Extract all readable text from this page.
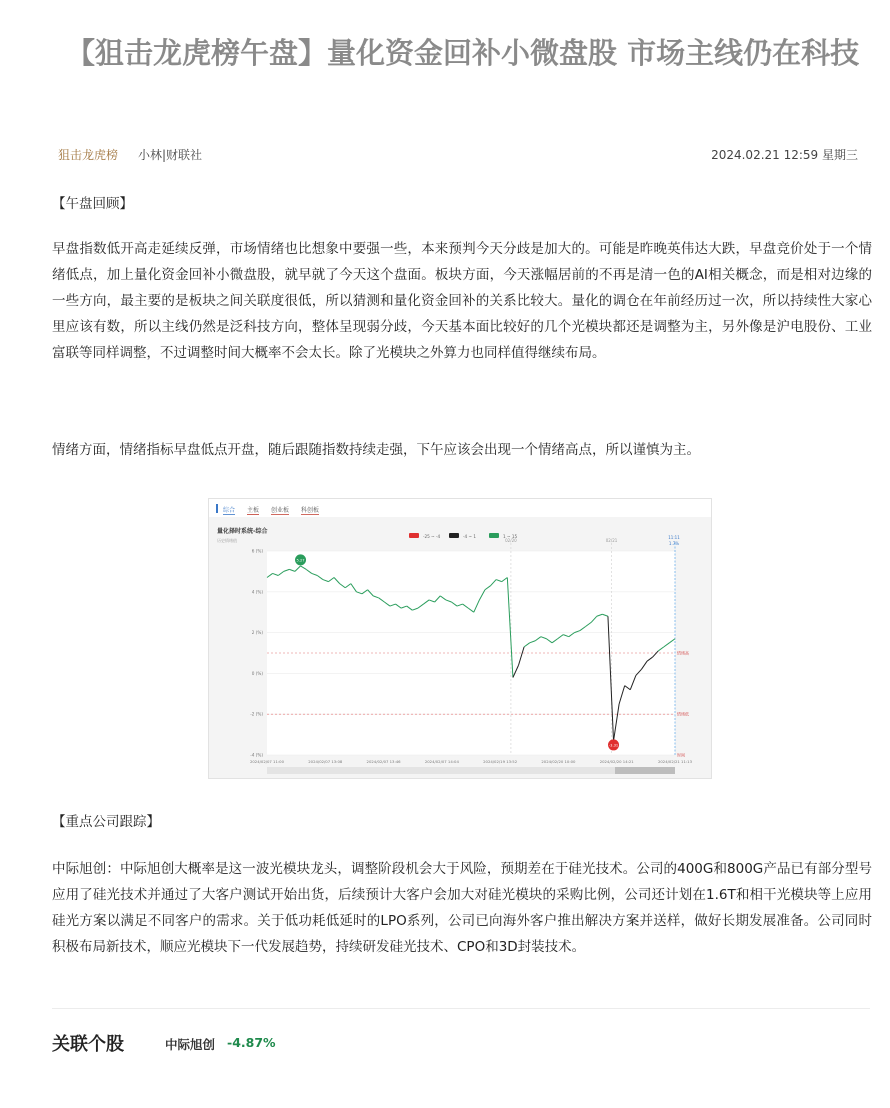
【狙击龙虎榜午盘】量化资金回补小微盘股 市场主线仍在科技
狙击龙虎榜 小林|财联社	2024.02.21 12:59 星期三
【午盘回顾】

早盘指数低开高走延续反弹，市场情绪也比想象中要强一些，本来预判今天分歧是加大的。可能是昨晚英伟达大跌，早盘竞价处于一个情绪低点，加上量化资金回补小微盘股，就早就了今天这个盘面。板块方面，今天涨幅居前的不再是清一色的AI相关概念，而是相对边缘的一些方向，最主要的是板块之间关联度很低，所以猜测和量化资金回补的关系比较大。量化的调仓在年前经历过一次，所以持续性大家心里应该有数，所以主线仍然是泛科技方向，整体呈现弱分歧，今天基本面比较好的几个光模块都还是调整为主，另外像是沪电股份、工业富联等同样调整，不过调整时间大概率不会太长。除了光模块之外算力也同样值得继续布局。

情绪方面，情绪指标早盘低点开盘，随后跟随指数持续走强，下午应该会出现一个情绪高点，所以谨慎为主。

综合 主板 创业板 科创板
量化择时系统-综合
历史情绪值
-25 ~ -4	-4 ~ 1	1 ~ 15
6 (%)
4 (%)
2 (%)
0 (%)
-2 (%)
-4 (%)
情绪高
情绪低
时间
02/20	02/21
11:11
1.7%
5.27
-3.31
2024/02/07 11:00	2024/02/07 13:08	2024/02/07 13:46	2024/02/07 14:04	2024/02/19 13:52	2024/02/20 10:00	2024/02/20 14:21	2024/02/21 11:13
【重点公司跟踪】

中际旭创：中际旭创大概率是这一波光模块龙头，调整阶段机会大于风险，预期差在于硅光技术。公司的400G和800G产品已有部分型号应用了硅光技术并通过了大客户测试开始出货，后续预计大客户会加大对硅光模块的采购比例，公司还计划在1.6T和相干光模块等上应用硅光方案以满足不同客户的需求。关于低功耗低延时的LPO系列，公司已向海外客户推出解决方案并送样，做好长期发展准备。公司同时积极布局新技术，顺应光模块下一代发展趋势，持续研发硅光技术、CPO和3D封装技术。

关联个股	中际旭创 -4.87%
